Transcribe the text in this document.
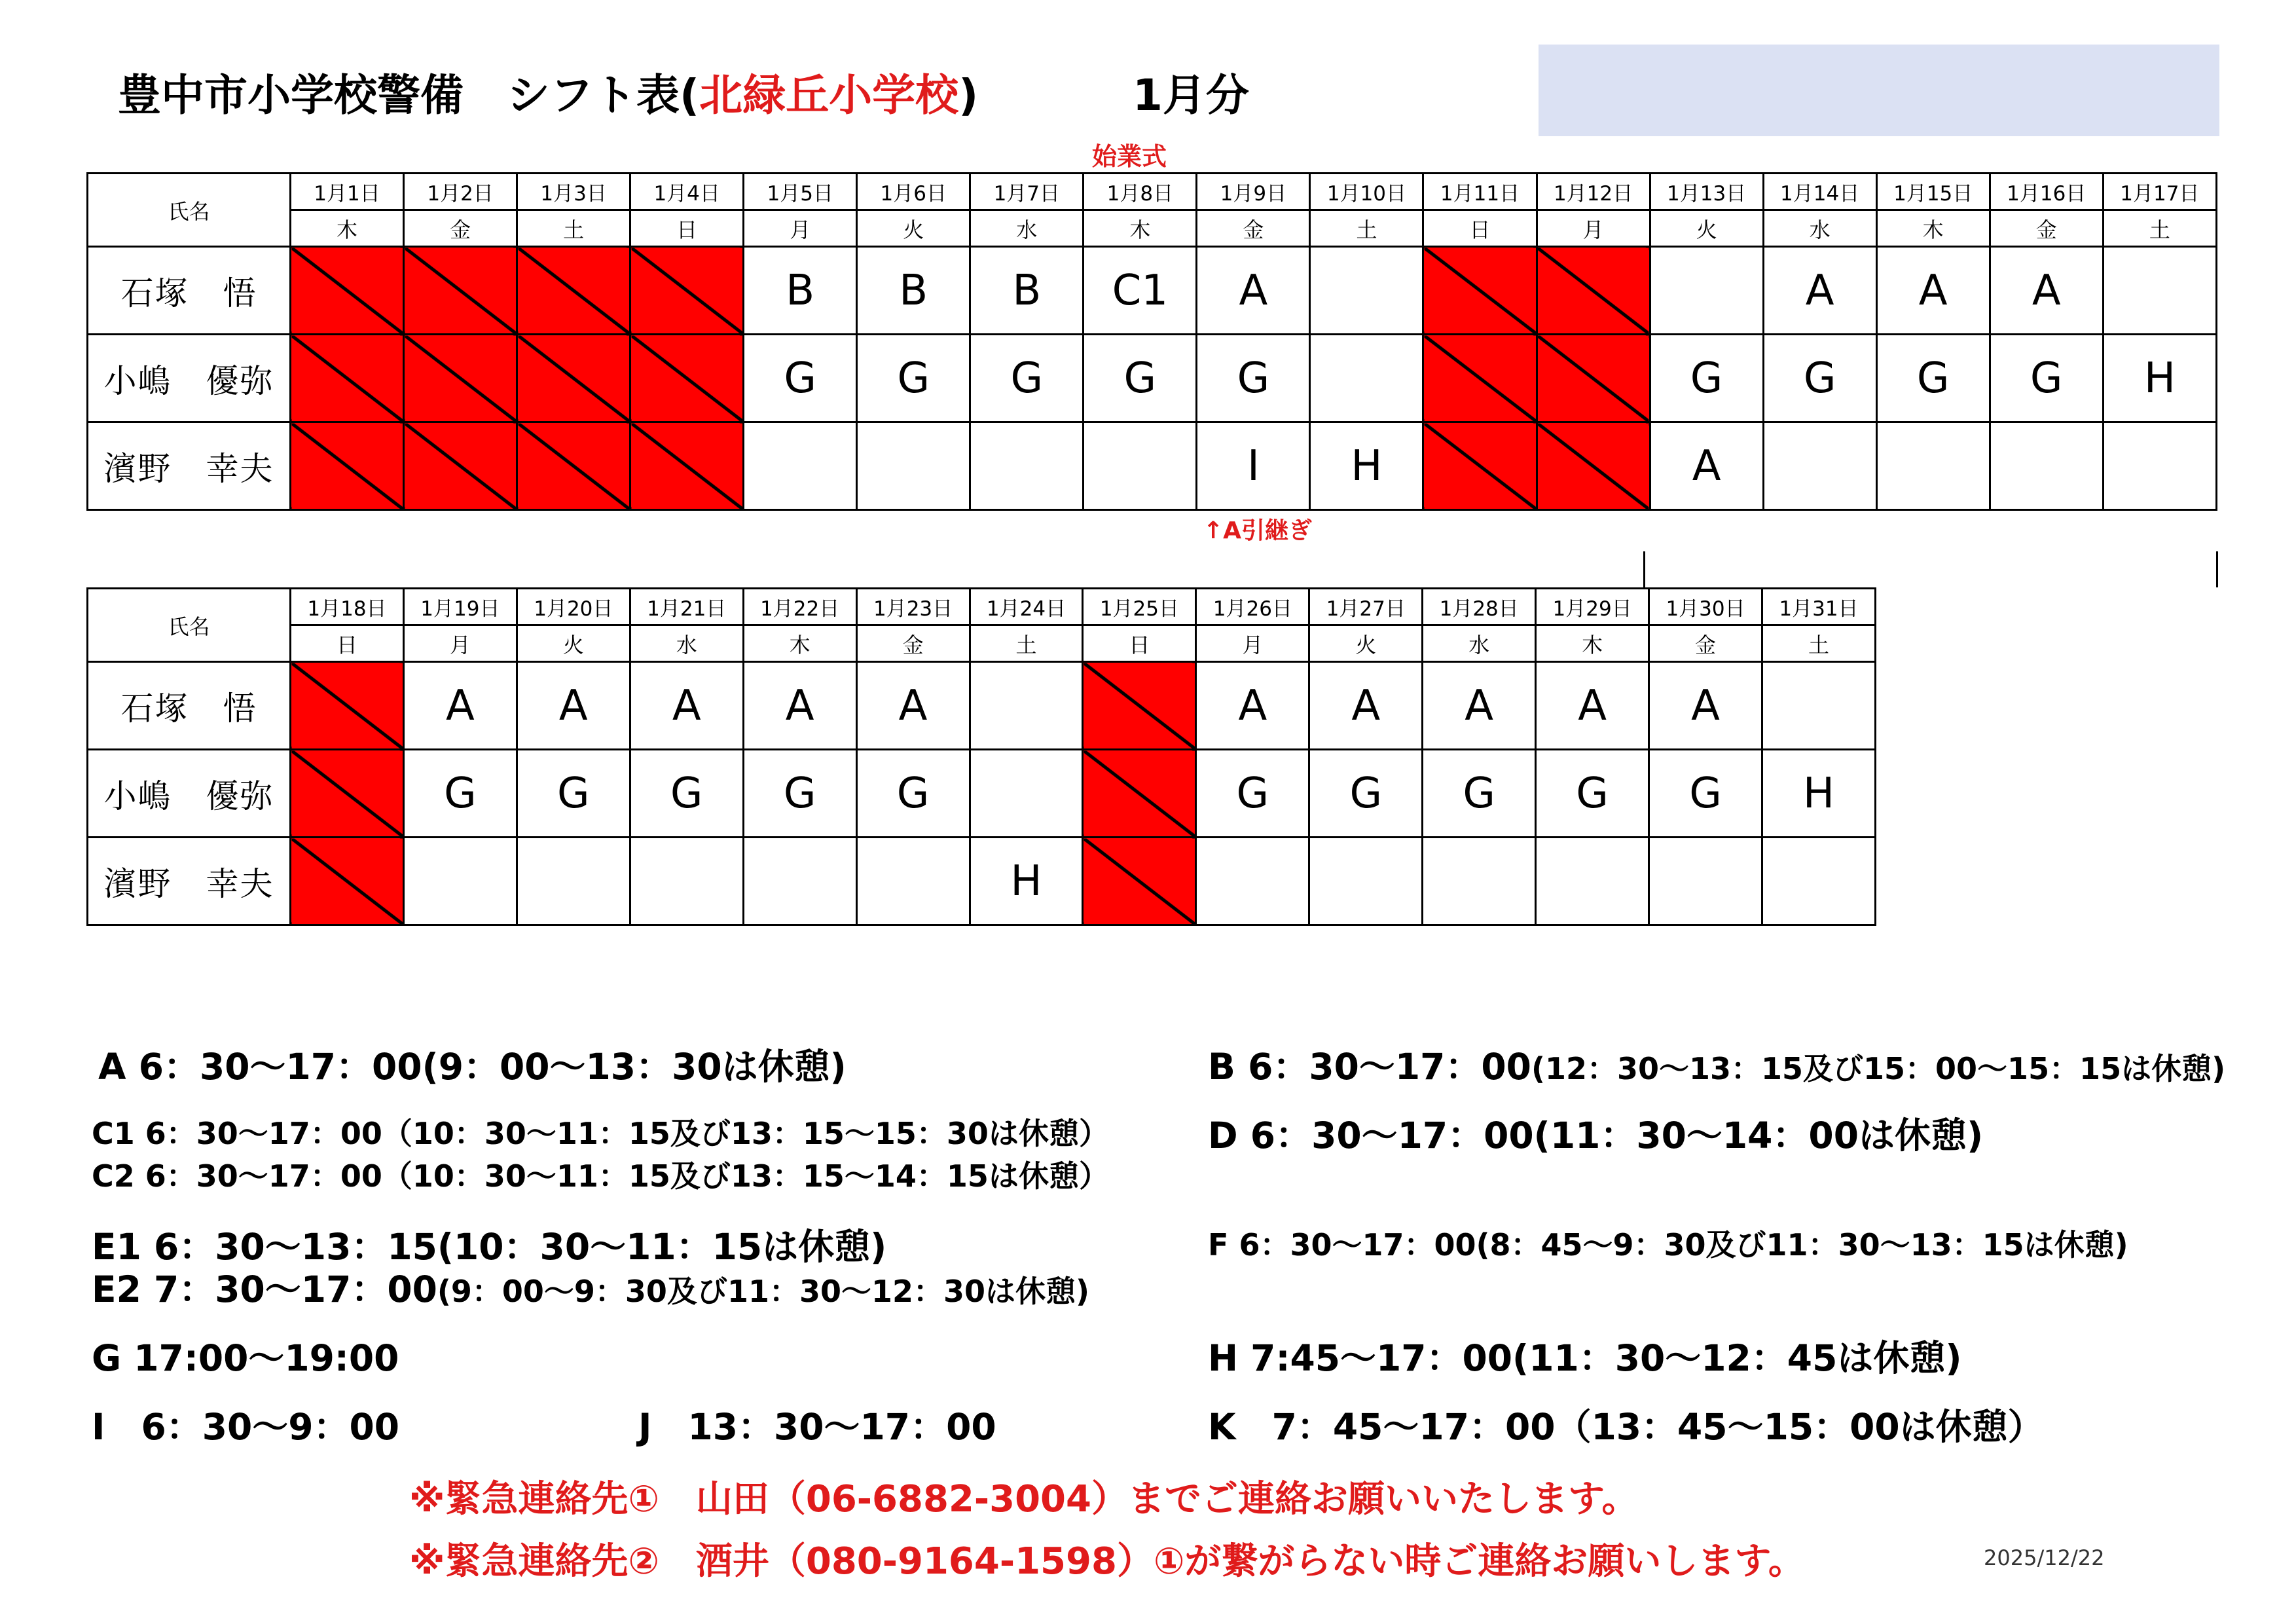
豊中市小学校警備　シフト表(北緑丘小学校)	1月分
始業式
↑A引継ぎ
氏名	1月1日	1月2日	1月3日	1月4日	1月5日	1月6日	1月7日	1月8日	1月9日	1月10日	1月11日	1月12日	1月13日	1月14日	1月15日	1月16日	1月17日
	木	金	土	日	月	火	水	木	金	土	日	月	火	水	木	金	土
石塚　悟					B	B	B	C1	A					A	A	A	
小嶋　優弥					G	G	G	G	G				G	G	G	G	H
濱野　幸夫									I	H			A				
氏名	1月18日	1月19日	1月20日	1月21日	1月22日	1月23日	1月24日	1月25日	1月26日	1月27日	1月28日	1月29日	1月30日	1月31日
	日	月	火	水	木	金	土	日	月	火	水	木	金	土
石塚　悟		A	A	A	A	A			A	A	A	A	A	
小嶋　優弥		G	G	G	G	G			G	G	G	G	G	H
濱野　幸夫							H							
A 6：30〜17：00(9：00〜13：30は休憩)	B 6：30〜17：00(12：30〜13：15及び15：00〜15：15は休憩)
C1 6：30〜17：00（10：30〜11：15及び13：15〜15：30は休憩）
C2 6：30〜17：00（10：30〜11：15及び13：15〜14：15は休憩）
D 6：30〜17：00(11：30〜14：00は休憩)
E1 6：30〜13：15(10：30〜11：15は休憩)
E2 7：30〜17：00(9：00〜9：30及び11：30〜12：30は休憩)
F 6：30〜17：00(8：45〜9：30及び11：30〜13：15は休憩)
G 17:00〜19:00	H 7:45〜17：00(11：30〜12：45は休憩)
I　6：30〜9：00	J　13：30〜17：00	K　7：45〜17：00（13：45〜15：00は休憩）
※緊急連絡先①　山田（06-6882-3004）までご連絡お願いいたします。
※緊急連絡先②　酒井（080-9164-1598）①が繋がらない時ご連絡お願いします。	2025/12/22
